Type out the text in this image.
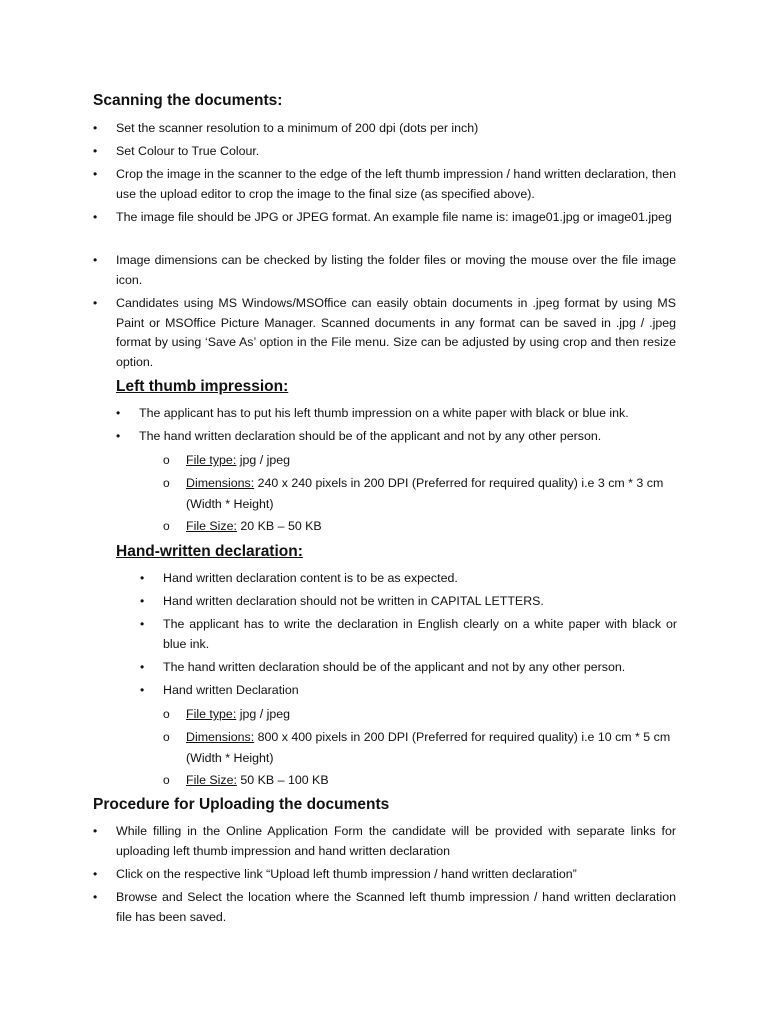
Scanning the documents:
• Set the scanner resolution to a minimum of 200 dpi (dots per inch)

• Set Colour to True Colour.

• Crop the image in the scanner to the edge of the left thumb impression / hand written declaration, then use the upload editor to crop the image to the final size (as specified above).

• The image file should be JPG or JPEG format. An example file name is: image01.jpg or image01.jpeg

• Image dimensions can be checked by listing the folder files or moving the mouse over the file image icon.

• Candidates using MS Windows/MSOffice can easily obtain documents in .jpeg format by using MS Paint or MSOffice Picture Manager. Scanned documents in any format can be saved in .jpg / .jpeg format by using ‘Save As’ option in the File menu. Size can be adjusted by using crop and then resize option.

Left thumb impression:
• The applicant has to put his left thumb impression on a white paper with black or blue ink.

• The hand written declaration should be of the applicant and not by any other person.

o File type: jpg / jpeg

o Dimensions: 240 x 240 pixels in 200 DPI (Preferred for required quality) i.e 3 cm * 3 cm (Width * Height)

o File Size: 20 KB – 50 KB

Hand-written declaration:
• Hand written declaration content is to be as expected.

• Hand written declaration should not be written in CAPITAL LETTERS.

• The applicant has to write the declaration in English clearly on a white paper with black or blue ink.

• The hand written declaration should be of the applicant and not by any other person.

• Hand written Declaration

o File type: jpg / jpeg

o Dimensions: 800 x 400 pixels in 200 DPI (Preferred for required quality) i.e 10 cm * 5 cm (Width * Height)

o File Size: 50 KB – 100 KB

Procedure for Uploading the documents
• While filling in the Online Application Form the candidate will be provided with separate links for uploading left thumb impression and hand written declaration

• Click on the respective link “Upload left thumb impression / hand written declaration”

• Browse and Select the location where the Scanned left thumb impression / hand written declaration file has been saved.
